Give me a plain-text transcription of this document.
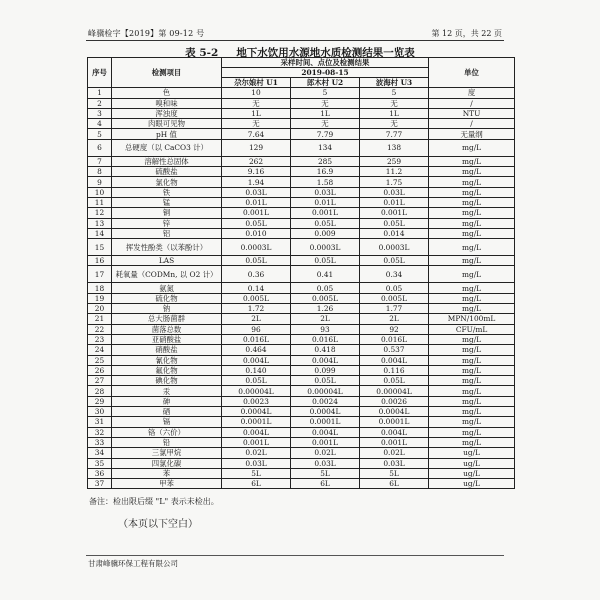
峰骥检字【2019】第 09-12 号	第 12 页，共 22 页
表 5-2 地下水饮用水源地水质检测结果一览表
序号	检测项目	采样时间、点位及检测结果			单位
		2019-08-15			
		尕尔娘村 U1	郎木村 U2	波海村 U3	
1	色	10	5	5	度
2	嗅和味	无	无	无	/
3	浑浊度	1L	1L	1L	NTU
4	肉眼可见物	无	无	无	/
5	pH 值	7.64	7.79	7.77	无量纲
6	总硬度（以 CaCO3 计）	129	134	138	mg/L
7	溶解性总固体	262	285	259	mg/L
8	硫酸盐	9.16	16.9	11.2	mg/L
9	氯化物	1.94	1.58	1.75	mg/L
10	铁	0.03L	0.03L	0.03L	mg/L
11	锰	0.01L	0.01L	0.01L	mg/L
12	铜	0.001L	0.001L	0.001L	mg/L
13	锌	0.05L	0.05L	0.05L	mg/L
14	铝	0.010	0.009	0.014	mg/L
15	挥发性酚类（以苯酚计）	0.0003L	0.0003L	0.0003L	mg/L
16	LAS	0.05L	0.05L	0.05L	mg/L
17	耗氧量（CODMn, 以 O2 计）	0.36	0.41	0.34	mg/L
18	氨氮	0.14	0.05	0.05	mg/L
19	硫化物	0.005L	0.005L	0.005L	mg/L
20	钠	1.72	1.26	1.77	mg/L
21	总大肠菌群	2L	2L	2L	MPN/100mL
22	菌落总数	96	93	92	CFU/mL
23	亚硝酸盐	0.016L	0.016L	0.016L	mg/L
24	硝酸盐	0.464	0.418	0.537	mg/L
25	氰化物	0.004L	0.004L	0.004L	mg/L
26	氟化物	0.140	0.099	0.116	mg/L
27	碘化物	0.05L	0.05L	0.05L	mg/L
28	汞	0.00004L	0.00004L	0.00004L	mg/L
29	砷	0.0023	0.0024	0.0026	mg/L
30	硒	0.0004L	0.0004L	0.0004L	mg/L
31	镉	0.0001L	0.0001L	0.0001L	mg/L
32	铬（六价）	0.004L	0.004L	0.004L	mg/L
33	铅	0.001L	0.001L	0.001L	mg/L
34	三氯甲烷	0.02L	0.02L	0.02L	ug/L
35	四氯化碳	0.03L	0.03L	0.03L	ug/L
36	苯	5L	5L	5L	ug/L
37	甲苯	6L	6L	6L	ug/L
备注：检出限后缀 "L" 表示未检出。
（本页以下空白）
甘肃峰骥环保工程有限公司
